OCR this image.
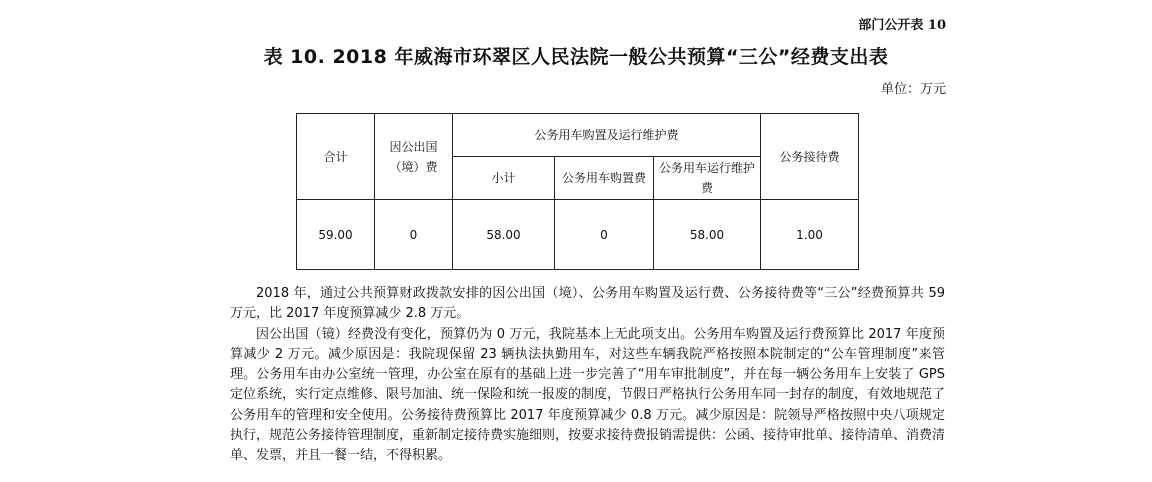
部门公开表 10
表 10. 2018 年威海市环翠区人民法院一般公共预算“三公”经费支出表
单位：万元
合计	因公出国（境）费	公务用车购置及运行维护费			公务接待费
		小计	公务用车购置费	公务用车运行维护费	
59.00	0	58.00	0	58.00	1.00

2018 年，通过公共预算财政拨款安排的因公出国（境）、公务用车购置及运行费、公务接待费等“三公”经费预算共 59 万元，比 2017 年度预算减少 2.8 万元。

因公出国（镜）经费没有变化，预算仍为 0 万元，我院基本上无此项支出。公务用车购置及运行费预算比 2017 年度预算减少 2 万元。减少原因是：我院现保留 23 辆执法执勤用车，对这些车辆我院严格按照本院制定的“公车管理制度”来管理。公务用车由办公室统一管理，办公室在原有的基础上进一步完善了“用车审批制度”，并在每一辆公务用车上安装了 GPS 定位系统，实行定点维修、限号加油、统一保险和统一报废的制度，节假日严格执行公务用车同一封存的制度，有效地规范了公务用车的管理和安全使用。公务接待费预算比 2017 年度预算减少 0.8 万元。减少原因是：院领导严格按照中央八项规定执行，规范公务接待管理制度，重新制定接待费实施细则，按要求接待费报销需提供：公函、接待审批单、接待清单、消费清单、发票，并且一餐一结，不得积累。
